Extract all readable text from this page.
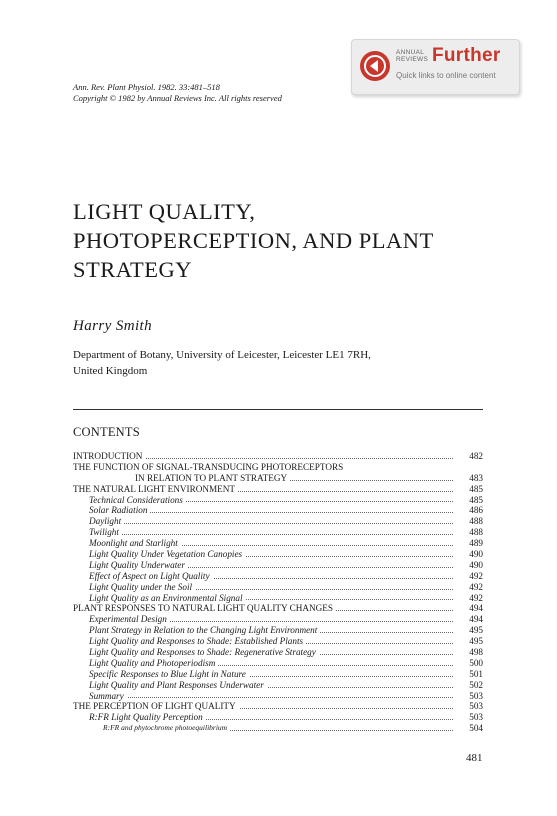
Ann. Rev. Plant Physiol. 1982. 33:481–518
Copyright © 1982 by Annual Reviews Inc. All rights reserved
ANNUAL
REVIEWS Further
Quick links to online content
LIGHT QUALITY,
PHOTOPERCEPTION, AND PLANT
STRATEGY
Harry Smith
Department of Botany, University of Leicester, Leicester LE1 7RH,
United Kingdom
CONTENTS
INTRODUCTION	482
THE FUNCTION OF SIGNAL-TRANSDUCING PHOTORECEPTORS
IN RELATION TO PLANT STRATEGY	483
THE NATURAL LIGHT ENVIRONMENT	485
Technical Considerations	485
Solar Radiation	486
Daylight	488
Twilight	488
Moonlight and Starlight	489
Light Quality Under Vegetation Canopies	490
Light Quality Underwater	490
Effect of Aspect on Light Quality	492
Light Quality under the Soil	492
Light Quality as an Environmental Signal	492
PLANT RESPONSES TO NATURAL LIGHT QUALITY CHANGES	494
Experimental Design	494
Plant Strategy in Relation to the Changing Light Environment	495
Light Quality and Responses to Shade: Established Plants	495
Light Quality and Responses to Shade: Regenerative Strategy	498
Light Quality and Photoperiodism	500
Specific Responses to Blue Light in Nature	501
Light Quality and Plant Responses Underwater	502
Summary	503
THE PERCEPTION OF LIGHT QUALITY	503
R:FR Light Quality Perception	503
R:FR and phytochrome photoequilibrium	504
481
